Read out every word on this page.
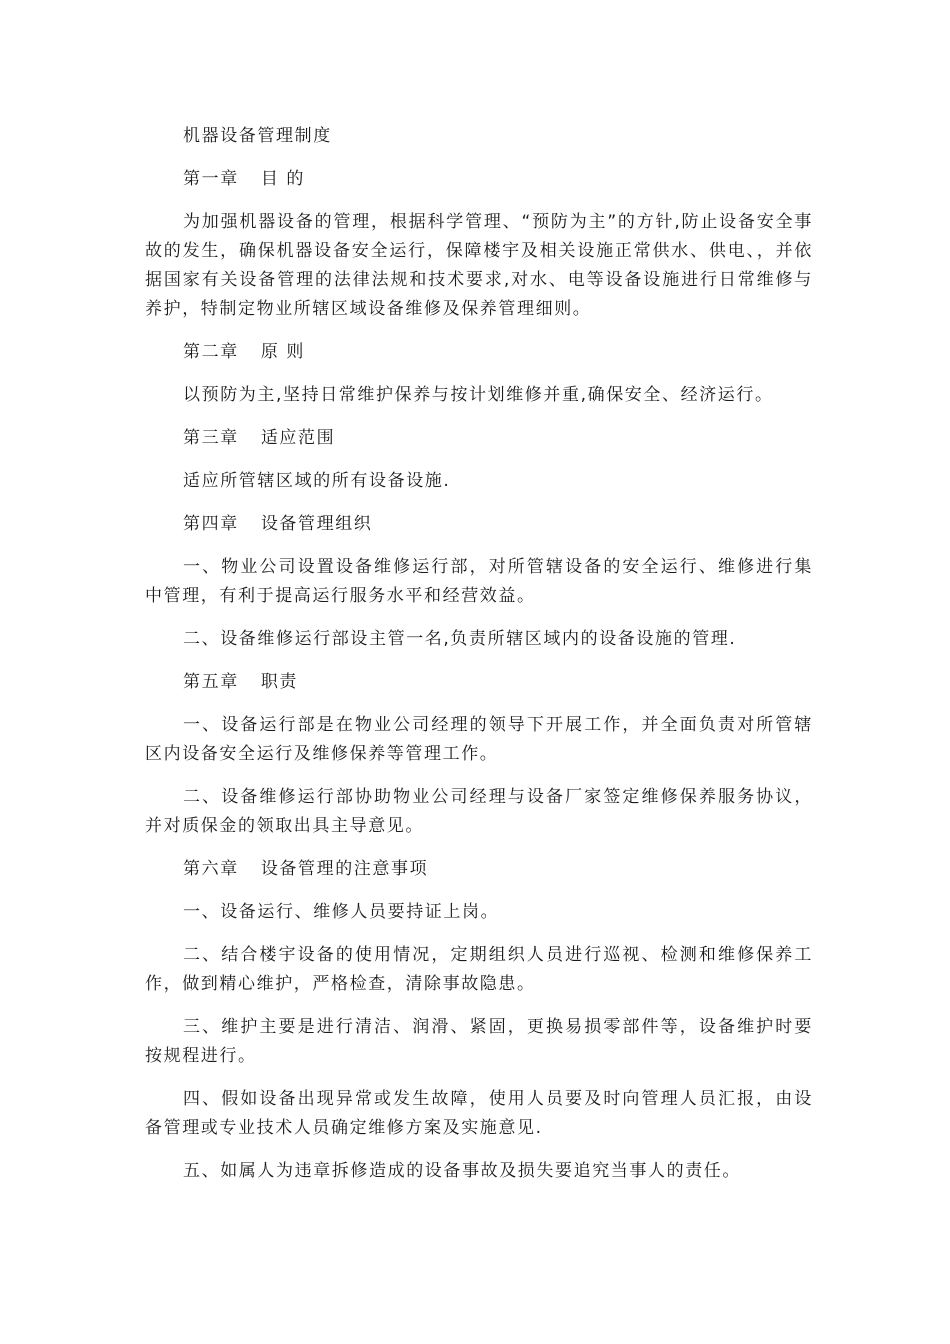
机器设备管理制度

第一章 目 的

为加强机器设备的管理，根据科学管理、“预防为主”的方针,防止设备安全事故的发生，确保机器设备安全运行，保障楼宇及相关设施正常供水、供电、，并依据国家有关设备管理的法律法规和技术要求,对水、电等设备设施进行日常维修与养护，特制定物业所辖区域设备维修及保养管理细则。

第二章 原 则

以预防为主,坚持日常维护保养与按计划维修并重,确保安全、经济运行。

第三章 适应范围

适应所管辖区域的所有设备设施.

第四章 设备管理组织

一、物业公司设置设备维修运行部，对所管辖设备的安全运行、维修进行集中管理，有利于提高运行服务水平和经营效益。

二、设备维修运行部设主管一名,负责所辖区域内的设备设施的管理.

第五章 职责

一、设备运行部是在物业公司经理的领导下开展工作，并全面负责对所管辖区内设备安全运行及维修保养等管理工作。

二、设备维修运行部协助物业公司经理与设备厂家签定维修保养服务协议，并对质保金的领取出具主导意见。

第六章 设备管理的注意事项

一、设备运行、维修人员要持证上岗。

二、结合楼宇设备的使用情况，定期组织人员进行巡视、检测和维修保养工作，做到精心维护，严格检查，清除事故隐患。

三、维护主要是进行清洁、润滑、紧固，更换易损零部件等，设备维护时要按规程进行。

四、假如设备出现异常或发生故障，使用人员要及时向管理人员汇报，由设备管理或专业技术人员确定维修方案及实施意见.

五、如属人为违章拆修造成的设备事故及损失要追究当事人的责任。
